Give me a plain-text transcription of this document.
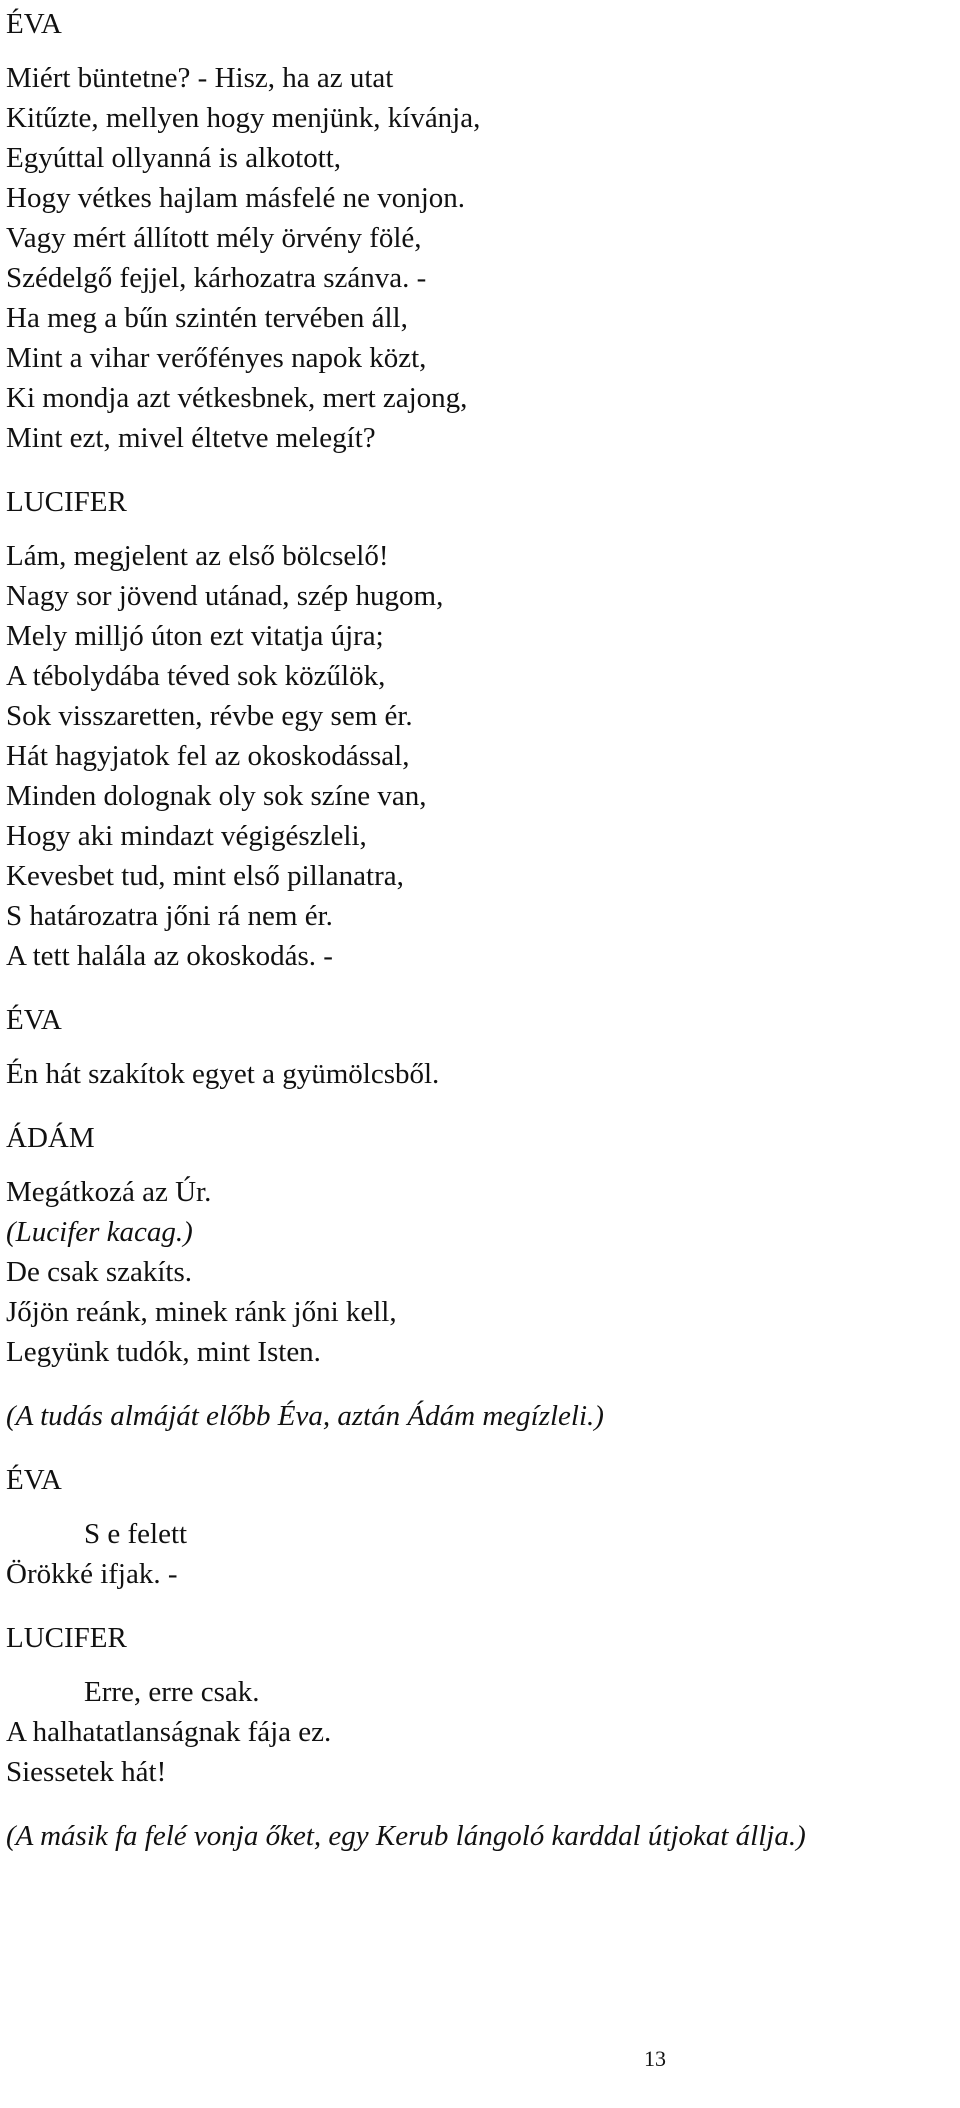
ÉVA
Miért büntetne? - Hisz, ha az utat
Kitűzte, mellyen hogy menjünk, kívánja,
Egyúttal ollyanná is alkotott,
Hogy vétkes hajlam másfelé ne vonjon.
Vagy mért állított mély örvény fölé,
Szédelgő fejjel, kárhozatra szánva. -
Ha meg a bűn szintén tervében áll,
Mint a vihar verőfényes napok közt,
Ki mondja azt vétkesbnek, mert zajong,
Mint ezt, mivel éltetve melegít?
LUCIFER
Lám, megjelent az első bölcselő!
Nagy sor jövend utánad, szép hugom,
Mely milljó úton ezt vitatja újra;
A tébolydába téved sok közűlök,
Sok visszaretten, révbe egy sem ér.
Hát hagyjatok fel az okoskodással,
Minden dolognak oly sok színe van,
Hogy aki mindazt végigészleli,
Kevesbet tud, mint első pillanatra,
S határozatra jőni rá nem ér.
A tett halála az okoskodás. -
ÉVA
Én hát szakítok egyet a gyümölcsből.
ÁDÁM
Megátkozá az Úr.
(Lucifer kacag.)
De csak szakíts.
Jőjön reánk, minek ránk jőni kell,
Legyünk tudók, mint Isten.
(A tudás almáját előbb Éva, aztán Ádám megízleli.)
ÉVA
S e felett
Örökké ifjak. -
LUCIFER
Erre, erre csak.
A halhatatlanságnak fája ez.
Siessetek hát!
(A másik fa felé vonja őket, egy Kerub lángoló karddal útjokat állja.)
13
